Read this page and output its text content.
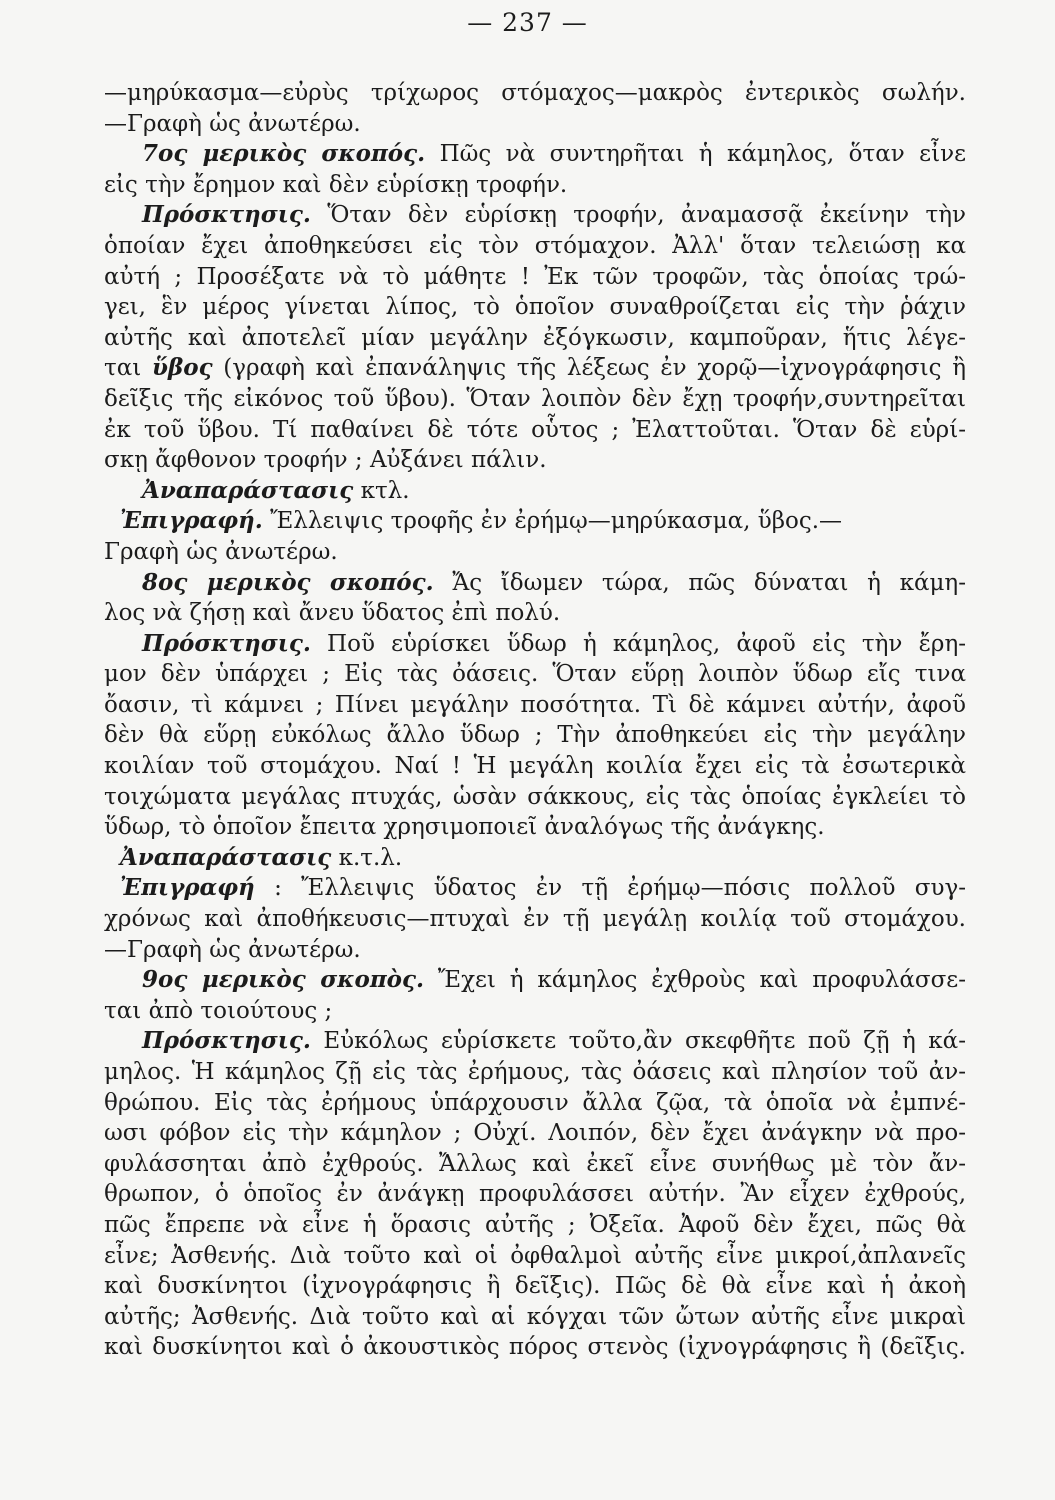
— 237 —
—μηρύκασμα—εὐρὺς τρίχωρος στόμαχος—μακρὸς ἐντερικὸς σωλήν.
—Γραφὴ ὡς ἀνωτέρω.
7ος μερικὸς σκοπός. Πῶς νὰ συντηρῆται ἡ κάμηλος, ὅταν εἶνε
εἰς τὴν ἔρημον καὶ δὲν εὑρίσκῃ τροφήν.
Πρόσκτησις. Ὅταν δὲν εὑρίσκῃ τροφήν, ἀναμασσᾷ ἐκείνην τὴν
ὁποίαν ἔχει ἀποθηκεύσει εἰς τὸν στόμαχον. Ἀλλ' ὅταν τελειώσῃ κα
αὐτή ; Προσέξατε νὰ τὸ μάθητε ! Ἐκ τῶν τροφῶν, τὰς ὁποίας τρώ-
γει, ἓν μέρος γίνεται λίπος, τὸ ὁποῖον συναθροίζεται εἰς τὴν ῥάχιν
αὐτῆς καὶ ἀποτελεῖ μίαν μεγάλην ἐξόγκωσιν, καμποῦραν, ἥτις λέγε-
ται ὕβος (γραφὴ καὶ ἐπανάληψις τῆς λέξεως ἐν χορῷ—ἰχνογράφησις ἢ
δεῖξις τῆς εἰκόνος τοῦ ὕβου). Ὅταν λοιπὸν δὲν ἔχῃ τροφήν,συντηρεῖται
ἐκ τοῦ ὕβου. Τί παθαίνει δὲ τότε οὗτος ; Ἐλαττοῦται. Ὅταν δὲ εὑρί-
σκῃ ἄφθονον τροφήν ; Αὐξάνει πάλιν.
Ἀναπαράστασις κτλ.
Ἐπιγραφή. Ἔλλειψις τροφῆς ἐν ἐρήμῳ—μηρύκασμα, ὕβος.—
Γραφὴ ὡς ἀνωτέρω.
8ος μερικὸς σκοπός. Ἄς ἴδωμεν τώρα, πῶς δύναται ἡ κάμη-
λος νὰ ζήσῃ καὶ ἄνευ ὕδατος ἐπὶ πολύ.
Πρόσκτησις. Ποῦ εὑρίσκει ὕδωρ ἡ κάμηλος, ἀφοῦ εἰς τὴν ἔρη-
μον δὲν ὑπάρχει ; Εἰς τὰς ὀάσεις. Ὅταν εὕρῃ λοιπὸν ὕδωρ εἴς τινα
ὄασιν, τὶ κάμνει ; Πίνει μεγάλην ποσότητα. Τὶ δὲ κάμνει αὐτήν, ἀφοῦ
δὲν θὰ εὕρῃ εὐκόλως ἄλλο ὕδωρ ; Τὴν ἀποθηκεύει εἰς τὴν μεγάλην
κοιλίαν τοῦ στομάχου. Ναί ! Ἡ μεγάλη κοιλία ἔχει εἰς τὰ ἐσωτερικὰ
τοιχώματα μεγάλας πτυχάς, ὡσὰν σάκκους, εἰς τὰς ὁποίας ἐγκλείει τὸ
ὕδωρ, τὸ ὁποῖον ἔπειτα χρησιμοποιεῖ ἀναλόγως τῆς ἀνάγκης.
Ἀναπαράστασις κ.τ.λ.
Ἐπιγραφή : Ἔλλειψις ὕδατος ἐν τῇ ἐρήμῳ—πόσις πολλοῦ συγ-
χρόνως καὶ ἀποθήκευσις—πτυχαὶ ἐν τῇ μεγάλῃ κοιλίᾳ τοῦ στομάχου.
—Γραφὴ ὡς ἀνωτέρω.
9ος μερικὸς σκοπὸς. Ἔχει ἡ κάμηλος ἐχθροὺς καὶ προφυλάσσε-
ται ἀπὸ τοιούτους ;
Πρόσκτησις. Εὐκόλως εὑρίσκετε τοῦτο,ἂν σκεφθῆτε ποῦ ζῇ ἡ κά-
μηλος. Ἡ κάμηλος ζῇ εἰς τὰς ἐρήμους, τὰς ὀάσεις καὶ πλησίον τοῦ ἀν-
θρώπου. Εἰς τὰς ἐρήμους ὑπάρχουσιν ἄλλα ζῷα, τὰ ὁποῖα νὰ ἐμπνέ-
ωσι φόβον εἰς τὴν κάμηλον ; Οὐχί. Λοιπόν, δὲν ἔχει ἀνάγκην νὰ προ-
φυλάσσηται ἀπὸ ἐχθρούς. Ἄλλως καὶ ἐκεῖ εἶνε συνήθως μὲ τὸν ἄν-
θρωπον, ὁ ὁποῖος ἐν ἀνάγκῃ προφυλάσσει αὐτήν. Ἂν εἶχεν ἐχθρούς,
πῶς ἔπρεπε νὰ εἶνε ἡ ὅρασις αὐτῆς ; Ὀξεῖα. Ἀφοῦ δὲν ἔχει, πῶς θὰ
εἶνε; Ἀσθενής. Διὰ τοῦτο καὶ οἱ ὀφθαλμοὶ αὐτῆς εἶνε μικροί,ἀπλανεῖς
καὶ δυσκίνητοι (ἰχνογράφησις ἢ δεῖξις). Πῶς δὲ θὰ εἶνε καὶ ἡ ἀκοὴ
αὐτῆς; Ἀσθενής. Διὰ τοῦτο καὶ αἱ κόγχαι τῶν ὤτων αὐτῆς εἶνε μικραὶ
καὶ δυσκίνητοι καὶ ὁ ἀκουστικὸς πόρος στενὸς (ἰχνογράφησις ἢ (δεῖξις.
